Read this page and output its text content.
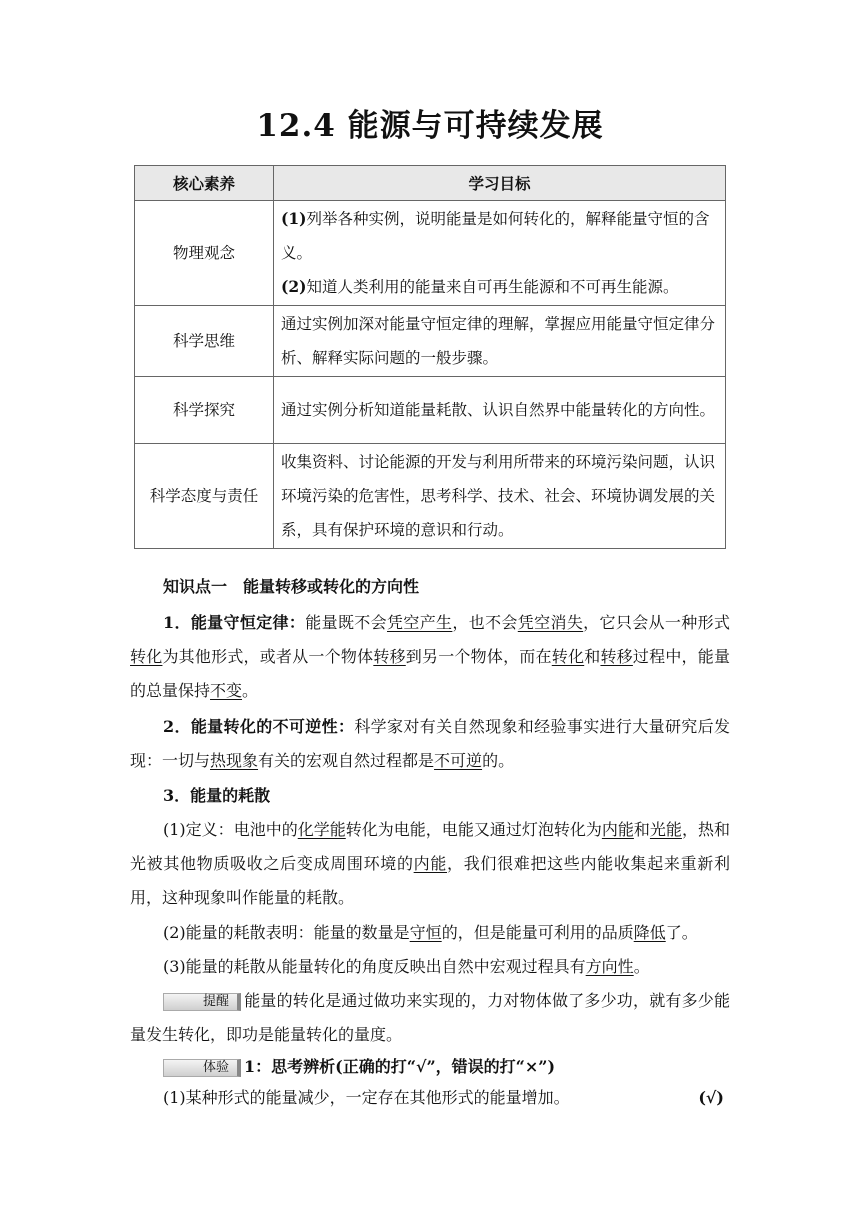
12.4 能源与可持续发展
核心素养	学习目标
物理观念	(1)列举各种实例，说明能量是如何转化的，解释能量守恒的含义。
(2)知道人类利用的能量来自可再生能源和不可再生能源。

科学思维	通过实例加深对能量守恒定律的理解，掌握应用能量守恒定律分析、解释实际问题的一般步骤。
科学探究	通过实例分析知道能量耗散、认识自然界中能量转化的方向性。
科学态度与责任	收集资料、讨论能源的开发与利用所带来的环境污染问题，认识环境污染的危害性，思考科学、技术、社会、环境协调发展的关系，具有保护环境的意识和行动。
知识点一　能量转移或转化的方向性
1．能量守恒定律：能量既不会凭空产生，也不会凭空消失，它只会从一种形式转化为其他形式，或者从一个物体转移到另一个物体，而在转化和转移过程中，能量的总量保持不变。
2．能量转化的不可逆性：科学家对有关自然现象和经验事实进行大量研究后发现：一切与热现象有关的宏观自然过程都是不可逆的。
3．能量的耗散
(1)定义：电池中的化学能转化为电能，电能又通过灯泡转化为内能和光能，热和光被其他物质吸收之后变成周围环境的内能，我们很难把这些内能收集起来重新利用，这种现象叫作能量的耗散。
(2)能量的耗散表明：能量的数量是守恒的，但是能量可利用的品质降低了。
(3)能量的耗散从能量转化的角度反映出自然中宏观过程具有方向性。
提醒 能量的转化是通过做功来实现的，力对物体做了多少功，就有多少能量发生转化，即功是能量转化的量度。
体验 1：思考辨析(正确的打“√”，错误的打“×”)
(1)某种形式的能量减少，一定存在其他形式的能量增加。	(√)
